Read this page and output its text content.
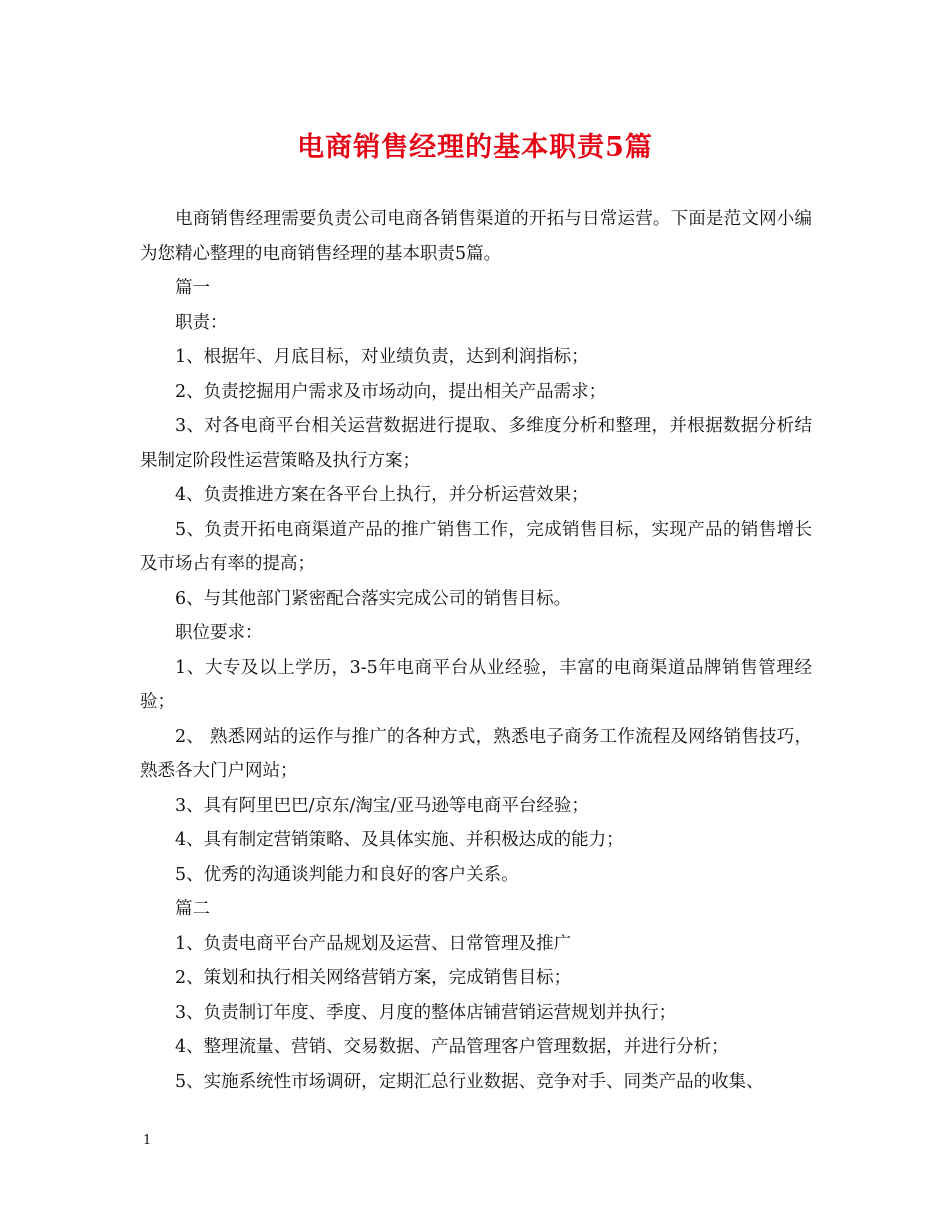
电商销售经理的基本职责5篇

电商销售经理需要负责公司电商各销售渠道的开拓与日常运营。下面是范文网小编为您精心整理的电商销售经理的基本职责5篇。

篇一

职责：

1、根据年、月底目标，对业绩负责，达到利润指标；

2、负责挖掘用户需求及市场动向，提出相关产品需求；

3、对各电商平台相关运营数据进行提取、多维度分析和整理，并根据数据分析结果制定阶段性运营策略及执行方案；

4、负责推进方案在各平台上执行，并分析运营效果；

5、负责开拓电商渠道产品的推广销售工作，完成销售目标，实现产品的销售增长及市场占有率的提高；

6、与其他部门紧密配合落实完成公司的销售目标。

职位要求：

1、大专及以上学历，3-5年电商平台从业经验，丰富的电商渠道品牌销售管理经验；

2、 熟悉网站的运作与推广的各种方式，熟悉电子商务工作流程及网络销售技巧，熟悉各大门户网站；

3、具有阿里巴巴/京东/淘宝/亚马逊等电商平台经验；

4、具有制定营销策略、及具体实施、并积极达成的能力；

5、优秀的沟通谈判能力和良好的客户关系。

篇二

1、负责电商平台产品规划及运营、日常管理及推广

2、策划和执行相关网络营销方案，完成销售目标；

3、负责制订年度、季度、月度的整体店铺营销运营规划并执行；

4、整理流量、营销、交易数据、产品管理客户管理数据，并进行分析；

5、实施系统性市场调研，定期汇总行业数据、竞争对手、同类产品的收集、

1
